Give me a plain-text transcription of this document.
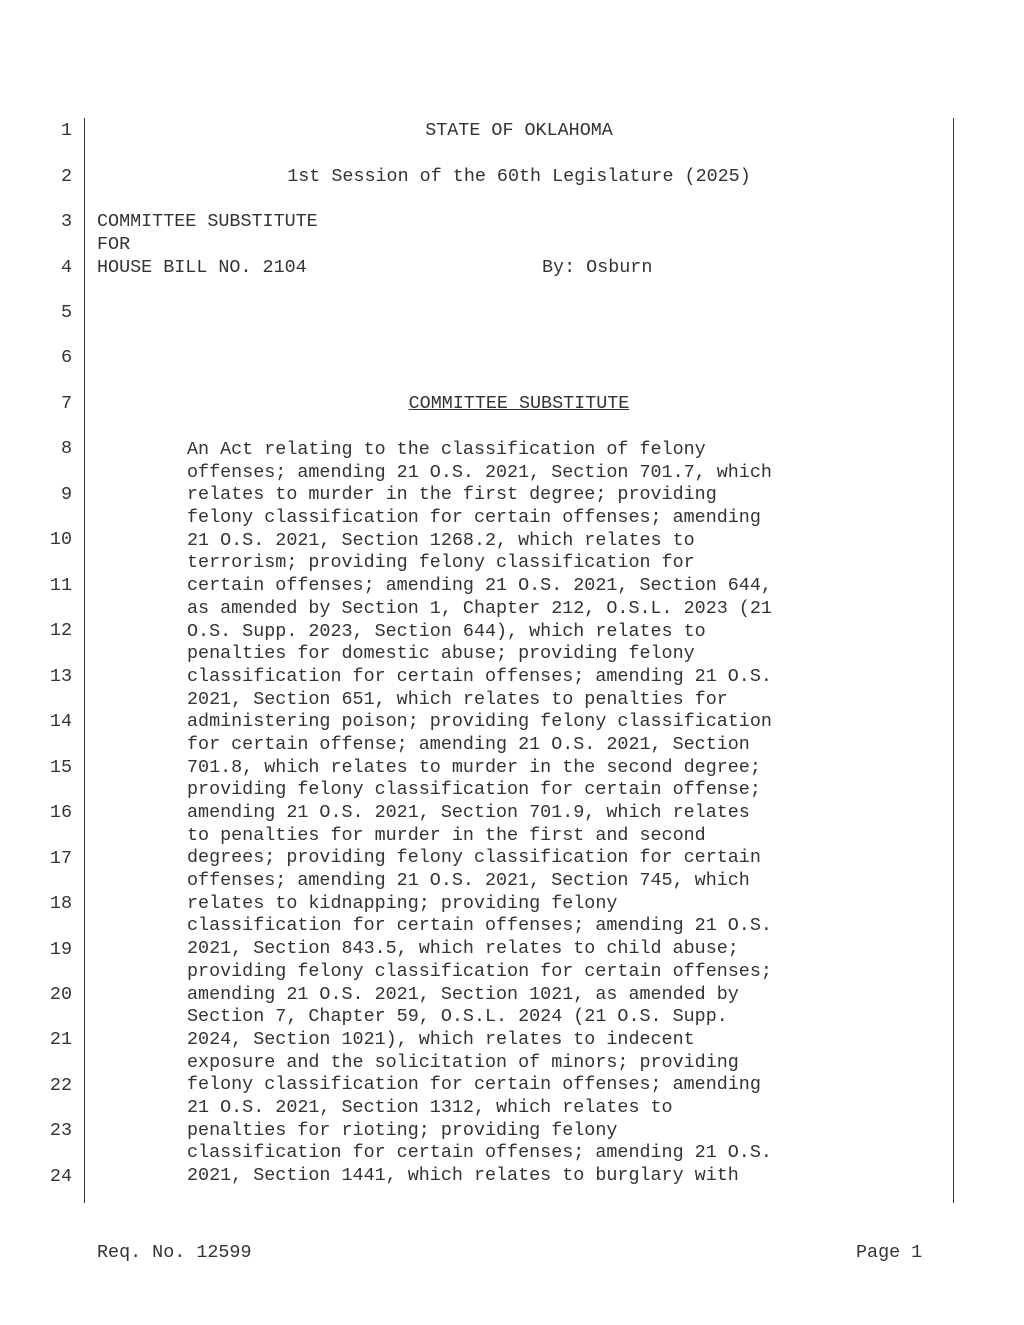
1
2
3
4
5
6
7
8
9
10
11
12
13
14
15
16
17
18
19
20
21
22
23
24
STATE OF OKLAHOMA
1st Session of the 60th Legislature (2025)
COMMITTEE SUBSTITUTE
FOR
HOUSE BILL NO. 2104	By: Osburn
COMMITTEE SUBSTITUTE
An Act relating to the classification of felony
offenses; amending 21 O.S. 2021, Section 701.7, which
relates to murder in the first degree; providing
felony classification for certain offenses; amending
21 O.S. 2021, Section 1268.2, which relates to
terrorism; providing felony classification for
certain offenses; amending 21 O.S. 2021, Section 644,
as amended by Section 1, Chapter 212, O.S.L. 2023 (21
O.S. Supp. 2023, Section 644), which relates to
penalties for domestic abuse; providing felony
classification for certain offenses; amending 21 O.S.
2021, Section 651, which relates to penalties for
administering poison; providing felony classification
for certain offense; amending 21 O.S. 2021, Section
701.8, which relates to murder in the second degree;
providing felony classification for certain offense;
amending 21 O.S. 2021, Section 701.9, which relates
to penalties for murder in the first and second
degrees; providing felony classification for certain
offenses; amending 21 O.S. 2021, Section 745, which
relates to kidnapping; providing felony
classification for certain offenses; amending 21 O.S.
2021, Section 843.5, which relates to child abuse;
providing felony classification for certain offenses;
amending 21 O.S. 2021, Section 1021, as amended by
Section 7, Chapter 59, O.S.L. 2024 (21 O.S. Supp.
2024, Section 1021), which relates to indecent
exposure and the solicitation of minors; providing
felony classification for certain offenses; amending
21 O.S. 2021, Section 1312, which relates to
penalties for rioting; providing felony
classification for certain offenses; amending 21 O.S.
2021, Section 1441, which relates to burglary with
Req. No. 12599	Page 1
